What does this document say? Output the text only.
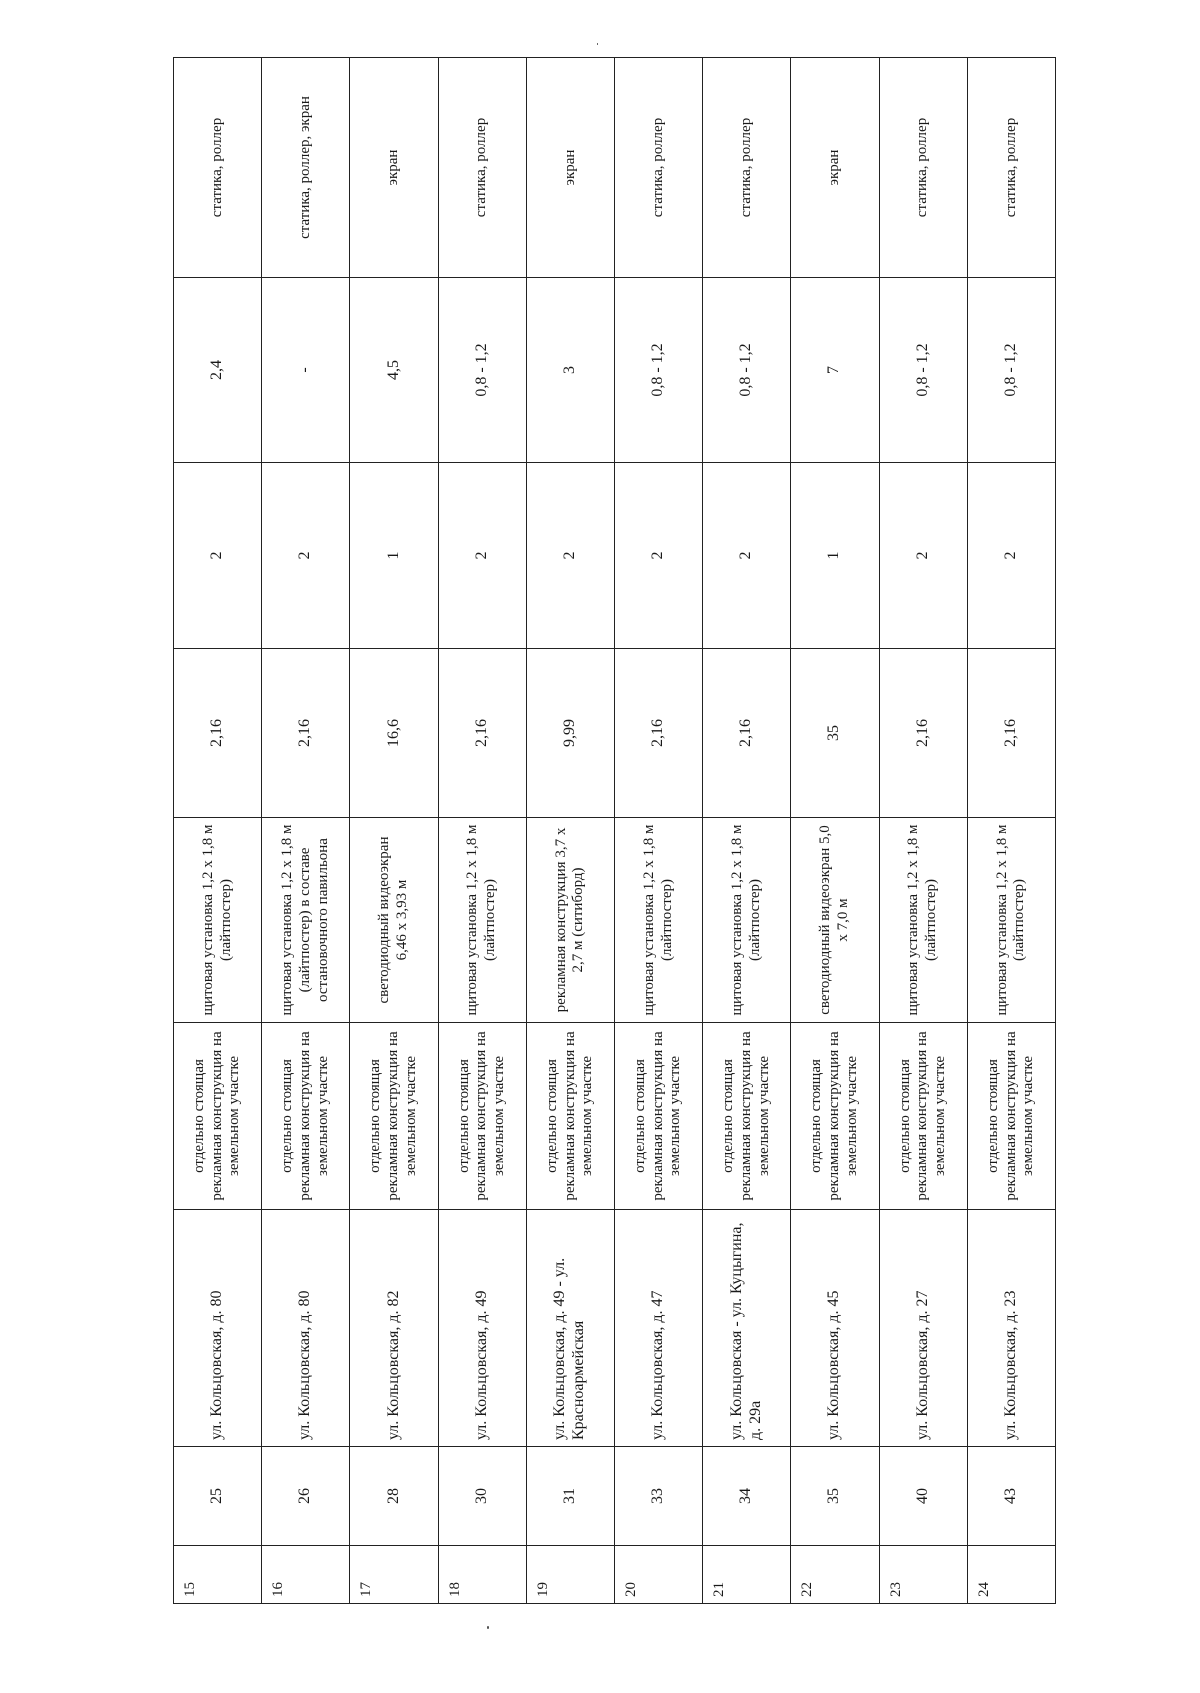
15	25	ул. Кольцовская, д. 80	отдельно стоящая рекламная конструкция на земельном участке	щитовая установка 1,2 х 1,8 м (лайтпостер)	2,16	2	2,4	статика, роллер
16	26	ул. Кольцовская, д. 80	отдельно стоящая рекламная конструкция на земельном участке	щитовая установка 1,2 х 1,8 м (лайтпостер) в составе остановочного павильона	2,16	2	-	статика, роллер, экран
17	28	ул. Кольцовская, д. 82	отдельно стоящая рекламная конструкция на земельном участке	светодиодный видеоэкран 6,46 х 3,93 м	16,6	1	4,5	экран
18	30	ул. Кольцовская, д. 49	отдельно стоящая рекламная конструкция на земельном участке	щитовая установка 1,2 х 1,8 м (лайтпостер)	2,16	2	0,8 - 1,2	статика, роллер
19	31	ул. Кольцовская, д. 49 - ул. Красноармейская	отдельно стоящая рекламная конструкция на земельном участке	рекламная конструкция 3,7 х 2,7 м (ситиборд)	9,99	2	3	экран
20	33	ул. Кольцовская, д. 47	отдельно стоящая рекламная конструкция на земельном участке	щитовая установка 1,2 х 1,8 м (лайтпостер)	2,16	2	0,8 - 1,2	статика, роллер
21	34	ул. Кольцовская - ул. Куцыгина, д. 29а	отдельно стоящая рекламная конструкция на земельном участке	щитовая установка 1,2 х 1,8 м (лайтпостер)	2,16	2	0,8 - 1,2	статика, роллер
22	35	ул. Кольцовская, д. 45	отдельно стоящая рекламная конструкция на земельном участке	светодиодный видеоэкран 5,0 х 7,0 м	35	1	7	экран
23	40	ул. Кольцовская, д. 27	отдельно стоящая рекламная конструкция на земельном участке	щитовая установка 1,2 х 1,8 м (лайтпостер)	2,16	2	0,8 - 1,2	статика, роллер
24	43	ул. Кольцовская, д. 23	отдельно стоящая рекламная конструкция на земельном участке	щитовая установка 1,2 х 1,8 м (лайтпостер)	2,16	2	0,8 - 1,2	статика, роллер
